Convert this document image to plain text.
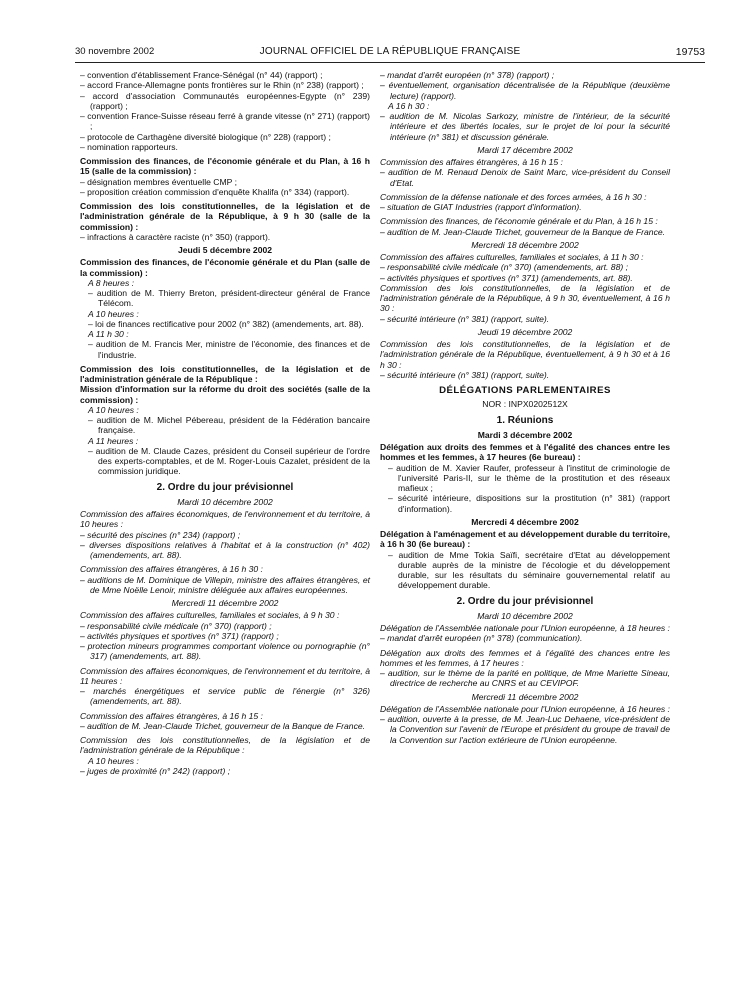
30 novembre 2002	JOURNAL OFFICIEL DE LA RÉPUBLIQUE FRANÇAISE	19753

– convention d'établissement France-Sénégal (n° 44) (rapport) ;

– accord France-Allemagne ponts frontières sur le Rhin (n° 238) (rapport) ;

– accord d'association Communautés européennes-Egypte (n° 239) (rapport) ;

– convention France-Suisse réseau ferré à grande vitesse (n° 271) (rapport) ;

– protocole de Carthagène diversité biologique (n° 228) (rapport) ;

– nomination rapporteurs.

Commission des finances, de l'économie générale et du Plan, à 16 h 15 (salle de la commission) :

– désignation membres éventuelle CMP ;

– proposition création commission d'enquête Khalifa (n° 334) (rapport).

Commission des lois constitutionnelles, de la législation et de l'administration générale de la République, à 9 h 30 (salle de la commission) :

– infractions à caractère raciste (n° 350) (rapport).

Jeudi 5 décembre 2002

Commission des finances, de l'économie générale et du Plan (salle de la commission) :

A 8 heures :

– audition de M. Thierry Breton, président-directeur général de France Télécom.

A 10 heures :

– loi de finances rectificative pour 2002 (n° 382) (amendements, art. 88).

A 11 h 30 :

– audition de M. Francis Mer, ministre de l'économie, des finances et de l'industrie.

Commission des lois constitutionnelles, de la législation et de l'administration générale de la République :

Mission d'information sur la réforme du droit des sociétés (salle de la commission) :

A 10 heures :

– audition de M. Michel Pébereau, président de la Fédération bancaire française.

A 11 heures :

– audition de M. Claude Cazes, président du Conseil supérieur de l'ordre des experts-comptables, et de M. Roger-Louis Cazalet, président de la commission juridique.

2. Ordre du jour prévisionnel

Mardi 10 décembre 2002

Commission des affaires économiques, de l'environnement et du territoire, à 10 heures :

– sécurité des piscines (n° 234) (rapport) ;

– diverses dispositions relatives à l'habitat et à la construction (n° 402) (amendements, art. 88).

Commission des affaires étrangères, à 16 h 30 :

– auditions de M. Dominique de Villepin, ministre des affaires étrangères, et de Mme Noëlle Lenoir, ministre déléguée aux affaires européennes.

Mercredi 11 décembre 2002

Commission des affaires culturelles, familiales et sociales, à 9 h 30 :

– responsabilité civile médicale (n° 370) (rapport) ;

– activités physiques et sportives (n° 371) (rapport) ;

– protection mineurs programmes comportant violence ou pornographie (n° 317) (amendements, art. 88).

Commission des affaires économiques, de l'environnement et du territoire, à 11 heures :

– marchés énergétiques et service public de l'énergie (n° 326) (amendements, art. 88).

Commission des affaires étrangères, à 16 h 15 :

– audition de M. Jean-Claude Trichet, gouverneur de la Banque de France.

Commission des lois constitutionnelles, de la législation et de l'administration générale de la République :

A 10 heures :

– juges de proximité (n° 242) (rapport) ;

– mandat d'arrêt européen (n° 378) (rapport) ;

– éventuellement, organisation décentralisée de la République (deuxième lecture) (rapport).

A 16 h 30 :

– audition de M. Nicolas Sarkozy, ministre de l'intérieur, de la sécurité intérieure et des libertés locales, sur le projet de loi pour la sécurité intérieure (n° 381) et discussion générale.

Mardi 17 décembre 2002

Commission des affaires étrangères, à 16 h 15 :

– audition de M. Renaud Denoix de Saint Marc, vice-président du Conseil d'Etat.

Commission de la défense nationale et des forces armées, à 16 h 30 :

– situation de GIAT Industries (rapport d'information).

Commission des finances, de l'économie générale et du Plan, à 16 h 15 :

– audition de M. Jean-Claude Trichet, gouverneur de la Banque de France.

Mercredi 18 décembre 2002

Commission des affaires culturelles, familiales et sociales, à 11 h 30 :

– responsabilité civile médicale (n° 370) (amendements, art. 88) ;

– activités physiques et sportives (n° 371) (amendements, art. 88).

Commission des lois constitutionnelles, de la législation et de l'administration générale de la République, à 9 h 30, éventuellement, à 16 h 30 :

– sécurité intérieure (n° 381) (rapport, suite).

Jeudi 19 décembre 2002

Commission des lois constitutionnelles, de la législation et de l'administration générale de la République, éventuellement, à 9 h 30 et à 16 h 30 :

– sécurité intérieure (n° 381) (rapport, suite).

DÉLÉGATIONS PARLEMENTAIRES

NOR : INPX0202512X

1. Réunions

Mardi 3 décembre 2002

Délégation aux droits des femmes et à l'égalité des chances entre les hommes et les femmes, à 17 heures (6e bureau) :

– audition de M. Xavier Raufer, professeur à l'institut de criminologie de l'université Paris-II, sur le thème de la prostitution et des réseaux mafieux ;

– sécurité intérieure, dispositions sur la prostitution (n° 381) (rapport d'information).

Mercredi 4 décembre 2002

Délégation à l'aménagement et au développement durable du territoire, à 16 h 30 (6e bureau) :

– audition de Mme Tokia Saïfi, secrétaire d'Etat au développement durable auprès de la ministre de l'écologie et du développement durable, sur les résultats du séminaire gouvernemental relatif au développement durable.

2. Ordre du jour prévisionnel

Mardi 10 décembre 2002

Délégation de l'Assemblée nationale pour l'Union européenne, à 18 heures :

– mandat d'arrêt européen (n° 378) (communication).

Délégation aux droits des femmes et à l'égalité des chances entre les hommes et les femmes, à 17 heures :

– audition, sur le thème de la parité en politique, de Mme Mariette Sineau, directrice de recherche au CNRS et au CEVIPOF.

Mercredi 11 décembre 2002

Délégation de l'Assemblée nationale pour l'Union européenne, à 16 heures :

– audition, ouverte à la presse, de M. Jean-Luc Dehaene, vice-président de la Convention sur l'avenir de l'Europe et président du groupe de travail de la Convention sur l'action extérieure de l'Union européenne.
